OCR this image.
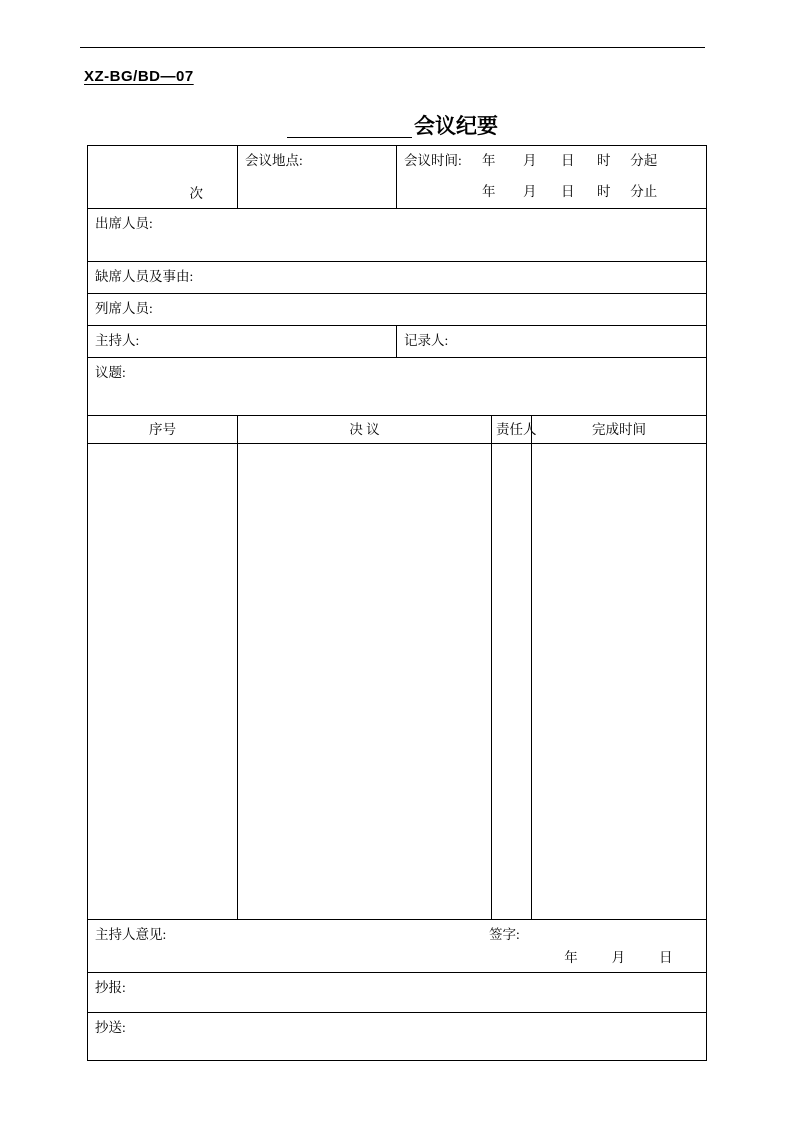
XZ-BG/BD—07
会议纪要
次	会议地点:	会议时间:	年	月	日	时	分起
年	月	日	时	分止

出席人员:				
缺席人员及事由:				
列席人员:				
主持人:		记录人:		
议题:				
序号	决 议		责任人	完成时间

主持人意见: 签字:
年 月 日				

抄报:				
抄送:				
